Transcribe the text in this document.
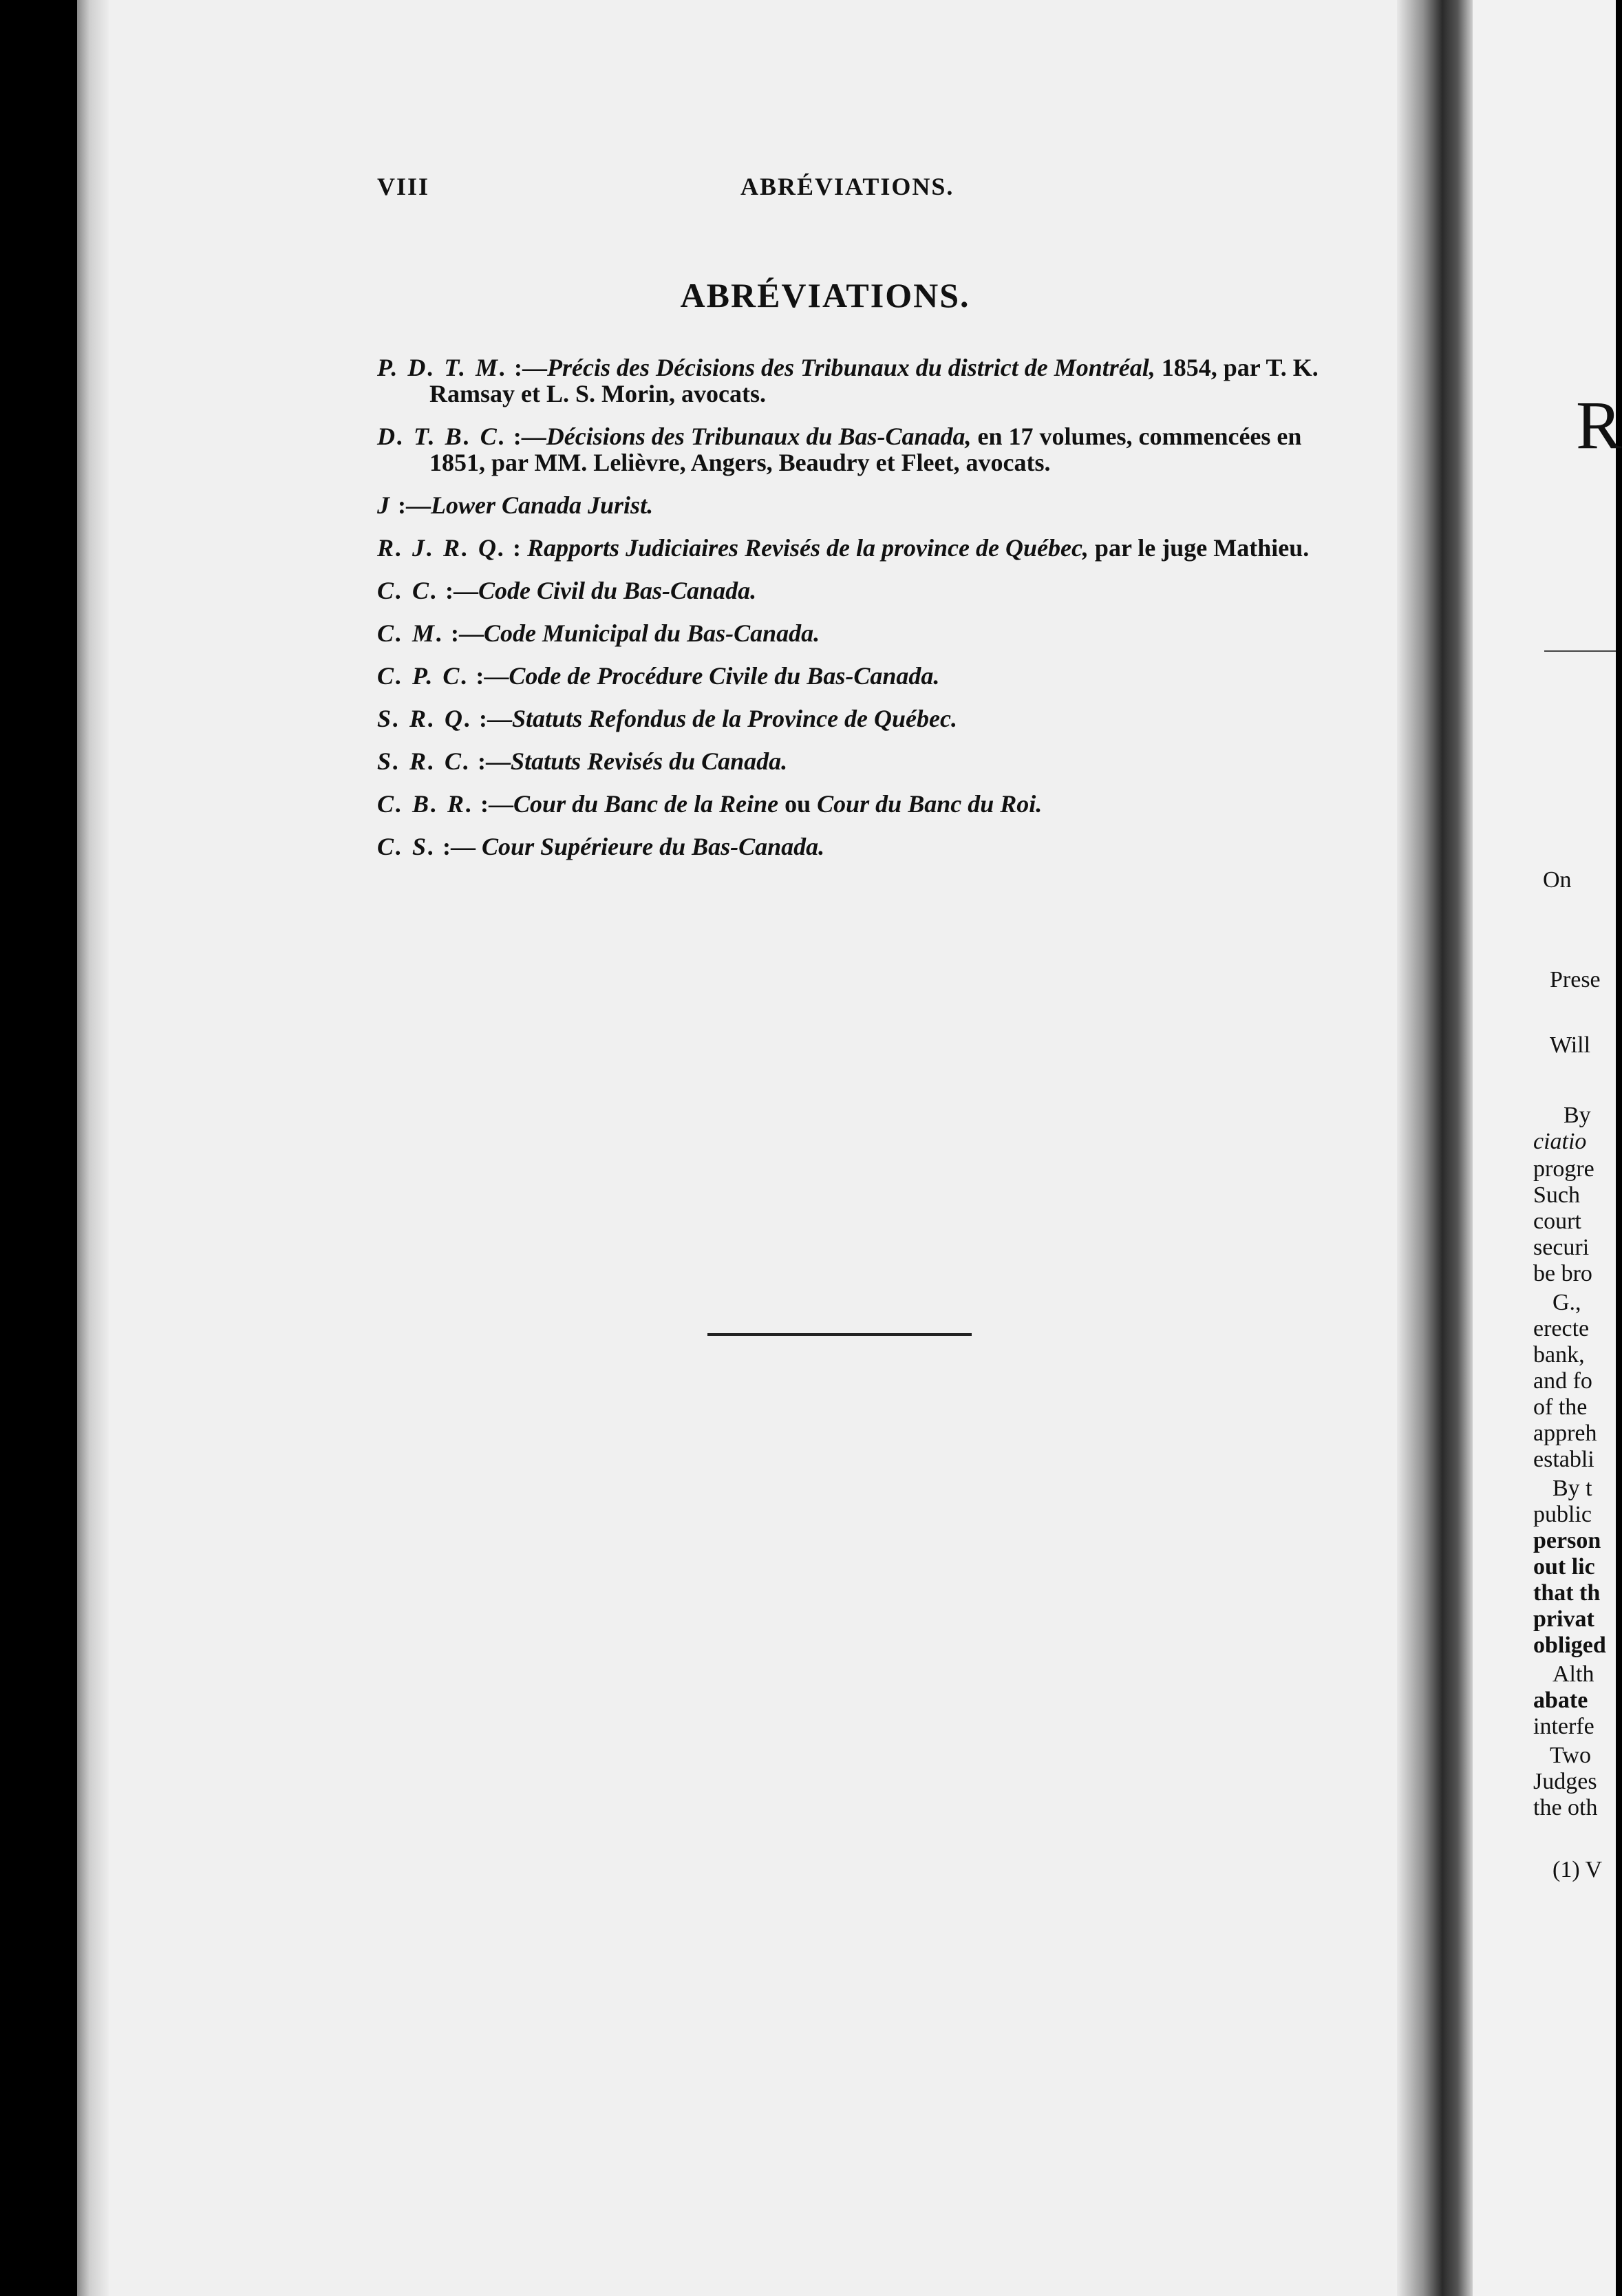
VIII	ABRÉVIATIONS.
ABRÉVIATIONS.
P. D. T. M. :—Précis des Décisions des Tribunaux du district de Montréal, 1854, par T. K. Ramsay et L. S. Morin, avocats.
D. T. B. C. :—Décisions des Tribunaux du Bas-Canada, en 17 volumes, commencées en 1851, par MM. Lelièvre, Angers, Beaudry et Fleet, avocats.
J :—Lower Canada Jurist.
R. J. R. Q. : Rapports Judiciaires Revisés de la province de Québec, par le juge Mathieu.
C. C. :—Code Civil du Bas-Canada.
C. M. :—Code Municipal du Bas-Canada.
C. P. C. :—Code de Procédure Civile du Bas-Canada.
S. R. Q. :—Statuts Refondus de la Province de Québec.
S. R. C. :—Statuts Revisés du Canada.
C. B. R. :—Cour du Banc de la Reine ou Cour du Banc du Roi.
C. S. :— Cour Supérieure du Bas-Canada.
R
On
Prese
Will
By
ciatio
progre
Such
court
securi
be bro
G.,
erecte
bank,
and fo
of the
appreh
establi
By t
public
person
out lic
that th
privat
obliged
Alth
abate
interfe
Two
Judges
the oth
(1) V
